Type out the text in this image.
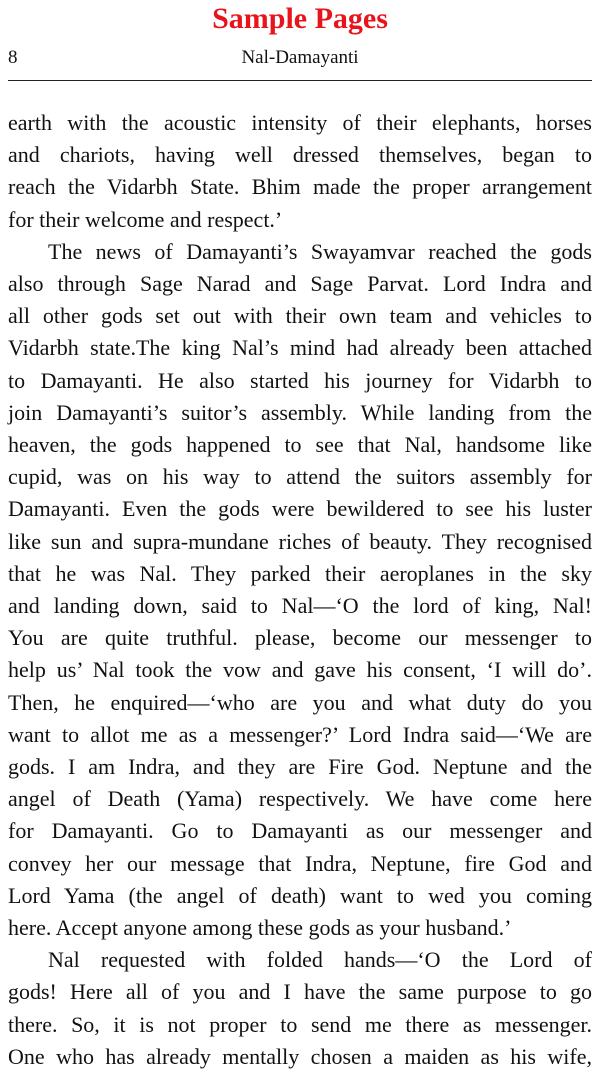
Sample Pages
8	Nal-Damayanti
earth with the acoustic intensity of their elephants, horses
and chariots, having well dressed themselves, began to
reach the Vidarbh State. Bhim made the proper arrangement
for their welcome and respect.’
The news of Damayanti’s Swayamvar reached the gods
also through Sage Narad and Sage Parvat. Lord Indra and
all other gods set out with their own team and vehicles to
Vidarbh state.The king Nal’s mind had already been attached
to Damayanti. He also started his journey for Vidarbh to
join Damayanti’s suitor’s assembly. While landing from the
heaven, the gods happened to see that Nal, handsome like
cupid, was on his way to attend the suitors assembly for
Damayanti. Even the gods were bewildered to see his luster
like sun and supra-mundane riches of beauty. They recognised
that he was Nal. They parked their aeroplanes in the sky
and landing down, said to Nal—‘O the lord of king, Nal!
You are quite truthful. please, become our messenger to
help us’ Nal took the vow and gave his consent, ‘I will do’.
Then, he enquired—‘who are you and what duty do you
want to allot me as a messenger?’ Lord Indra said—‘We are
gods. I am Indra, and they are Fire God. Neptune and the
angel of Death (Yama) respectively. We have come here
for Damayanti. Go to Damayanti as our messenger and
convey her our message that Indra, Neptune, fire God and
Lord Yama (the angel of death) want to wed you coming
here. Accept anyone among these gods as your husband.’
Nal requested with folded hands—‘O the Lord of
gods! Here all of you and I have the same purpose to go
there. So, it is not proper to send me there as messenger.
One who has already mentally chosen a maiden as his wife,
